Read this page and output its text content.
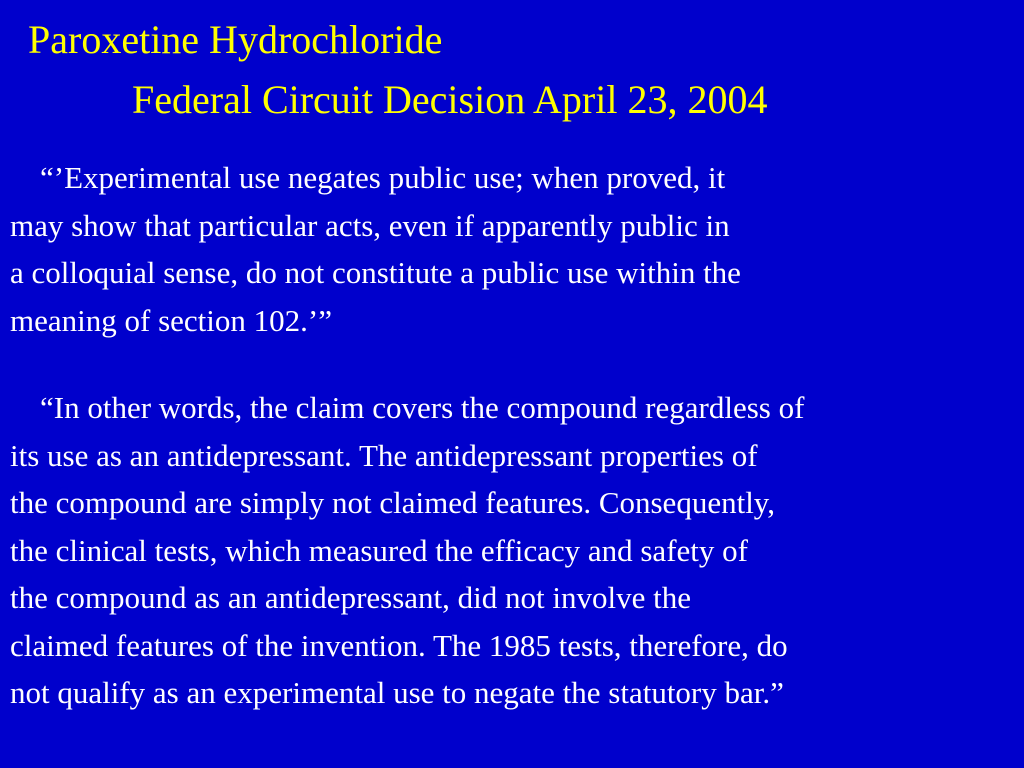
Paroxetine Hydrochloride
Federal Circuit Decision April 23, 2004

“’Experimental use negates public use; when proved, it
may show that particular acts, even if apparently public in
a colloquial sense, do not constitute a public use within the
meaning of section 102.’”

“In other words, the claim covers the compound regardless of
its use as an antidepressant. The antidepressant properties of
the compound are simply not claimed features. Consequently,
the clinical tests, which measured the efficacy and safety of
the compound as an antidepressant, did not involve the
claimed features of the invention. The 1985 tests, therefore, do
not qualify as an experimental use to negate the statutory bar.”
